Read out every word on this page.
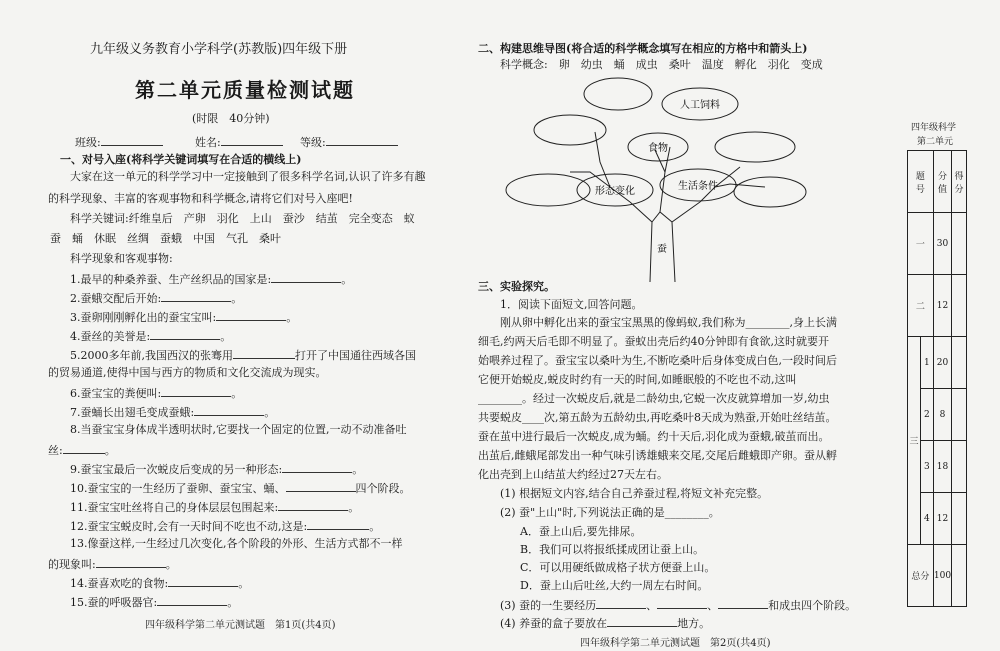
九年级义务教育小学科学(苏教版)四年级下册
第二单元质量检测试题
(时限　40分钟)
班级:	姓名:	等级:
一、对号入座(将科学关键词填写在合适的横线上)
大家在这一单元的科学学习中一定接触到了很多科学名词,认识了许多有趣的科学现象、丰富的客观事物和科学概念,请将它们对号入座吧!
科学关键词:纤维皇后　产卵　羽化　上山　蚕沙　结茧　完全变态　蚁
蚕　蛹　休眠　丝绸　蚕蛾　中国　气孔　桑叶
科学现象和客观事物:
1.最早的种桑养蚕、生产丝织品的国家是:	。
2.蚕蛾交配后开始:	。
3.蚕卵刚刚孵化出的蚕宝宝叫:	。
4.蚕丝的美誉是:	。
5.2000多年前,我国西汉的张骞用	打开了中国通往西域各国
的贸易通道,使得中国与西方的物质和文化交流成为现实。
6.蚕宝宝的粪便叫:	。
7.蚕蛹长出翅毛变成蚕蛾:	。
8.当蚕宝宝身体成半透明状时,它要找一个固定的位置,一动不动准备吐
丝:	。
9.蚕宝宝最后一次蜕皮后变成的另一种形态:	。
10.蚕宝宝的一生经历了蚕卵、蚕宝宝、蛹、	四个阶段。
11.蚕宝宝吐丝将自己的身体层层包围起来:	。
12.蚕宝宝蜕皮时,会有一天时间不吃也不动,这是:	。
13.像蚕这样,一生经过几次变化,各个阶段的外形、生活方式都不一样
的现象叫:	。
14.蚕喜欢吃的食物:	。
15.蚕的呼吸器官:	。
四年级科学第二单元测试题　第1页(共4页)
二、构建思维导图(将合适的科学概念填写在相应的方格中和箭头上)
科学概念:　卵　幼虫　蛹　成虫　桑叶　温度　孵化　羽化　变成
人工饲料
食物
形态变化	生活条件
蚕
三、实验探究。
1．阅读下面短文,回答问题。
刚从卵中孵化出来的蚕宝宝黑黑的像蚂蚁,我们称为________,身上长满
细毛,约两天后毛即不明显了。蚕蚁出壳后约40分钟即有食欲,这时就要开
始喂养过程了。蚕宝宝以桑叶为生,不断吃桑叶后身体变成白色,一段时间后
它便开始蜕皮,蜕皮时约有一天的时间,如睡眠般的不吃也不动,这叫
________。经过一次蜕皮后,就是二龄幼虫,它蜕一次皮就算增加一岁,幼虫
共要蜕皮____次,第五龄为五龄幼虫,再吃桑叶8天成为熟蚕,开始吐丝结茧。
蚕在茧中进行最后一次蜕皮,成为蛹。约十天后,羽化成为蚕蛾,破茧而出。
出茧后,雌蛾尾部发出一种气味引诱雄蛾来交尾,交尾后雌蛾即产卵。蚕从孵
化出壳到上山结茧大约经过27天左右。
(1) 根据短文内容,结合自己养蚕过程,将短文补充完整。
(2) 蚕"上山"时,下列说法正确的是________。
A．蚕上山后,要先排尿。
B．我们可以将报纸揉成团让蚕上山。
C．可以用硬纸做成格子状方便蚕上山。
D．蚕上山后吐丝,大约一周左右时间。
(3) 蚕的一生要经历	、	、	和成虫四个阶段。
(4) 养蚕的盒子要放在	地方。
四年级科学第二单元测试题　第2页(共4页)
四年级科学
第二单元
题　号		分值	得分
一		30	
二		12	
三	1	20	
	2	8	
	3	18	
	4	12	
总分		100	
